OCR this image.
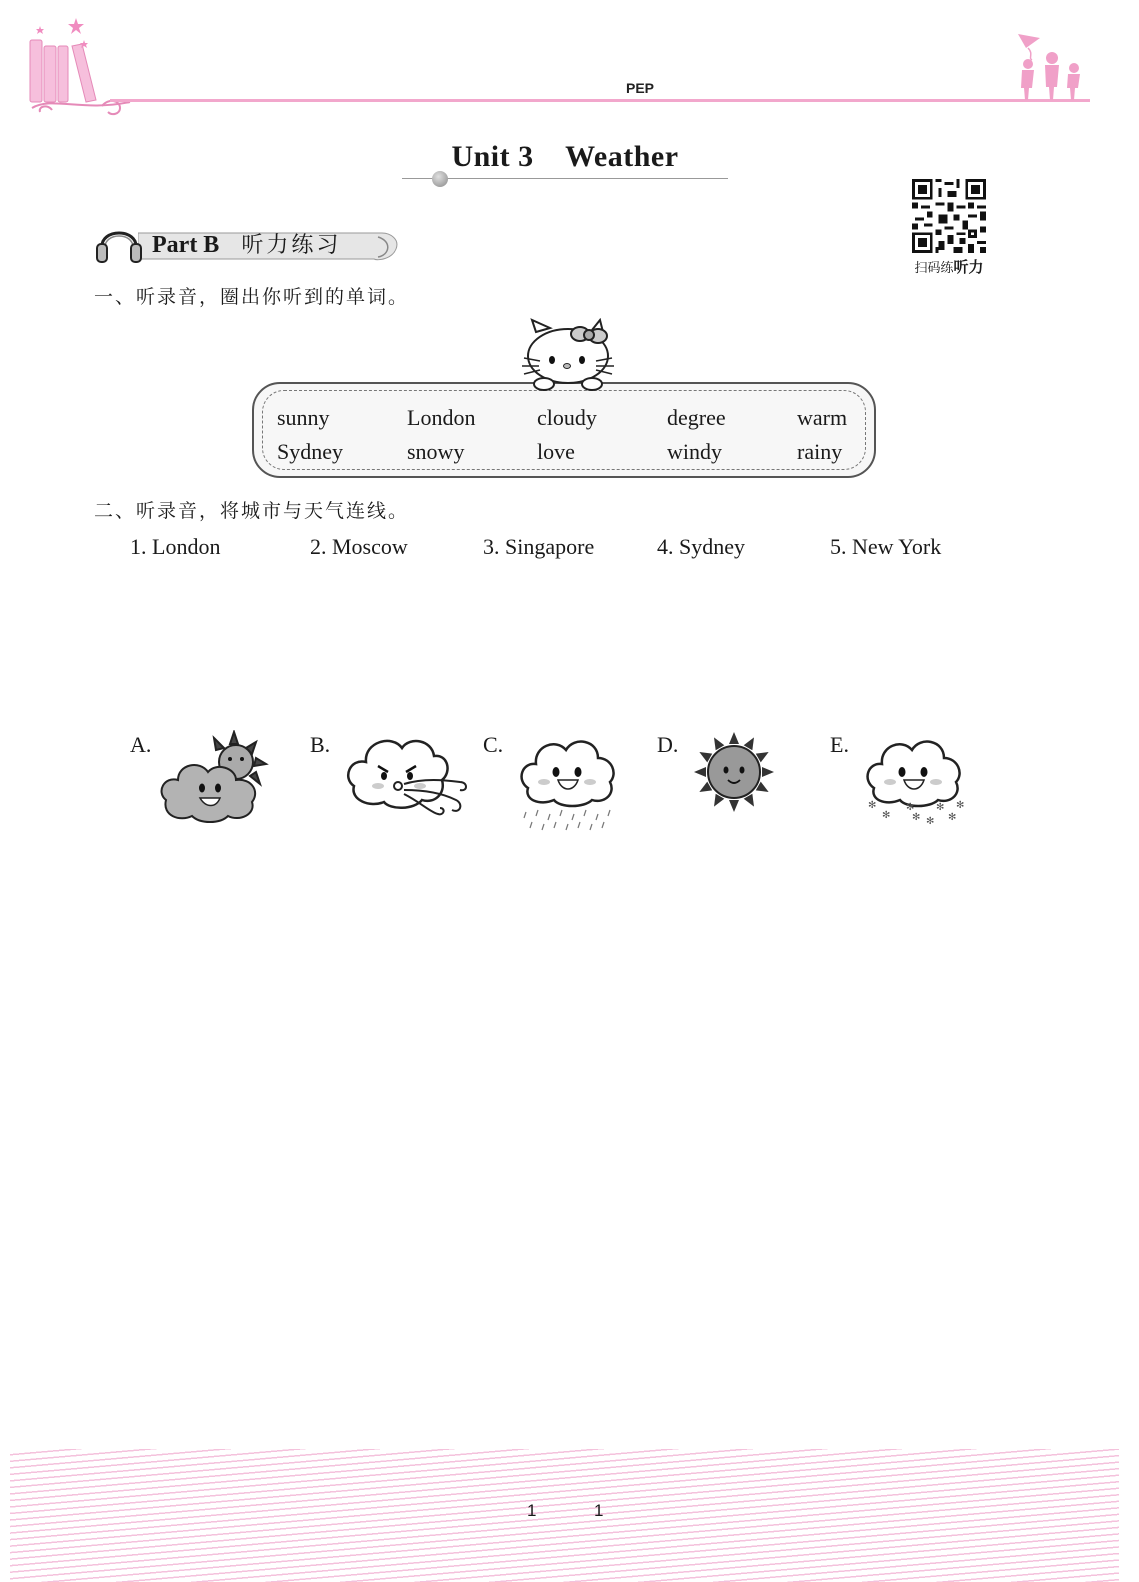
PEP
Unit 3    Weather
扫码练听力
Part B 听力练习
一、听录音，圈出你听到的单词。
sunny	London	cloudy	degree	warm
Sydney	snowy	love	windy	rainy
二、听录音，将城市与天气连线。
1. London	2. Moscow	3. Singapore	4. Sydney	5. New York
A.	B.	C.	D.	E.
✻
✻
✻
✻ ✻
✻
✻
✻
1	1
